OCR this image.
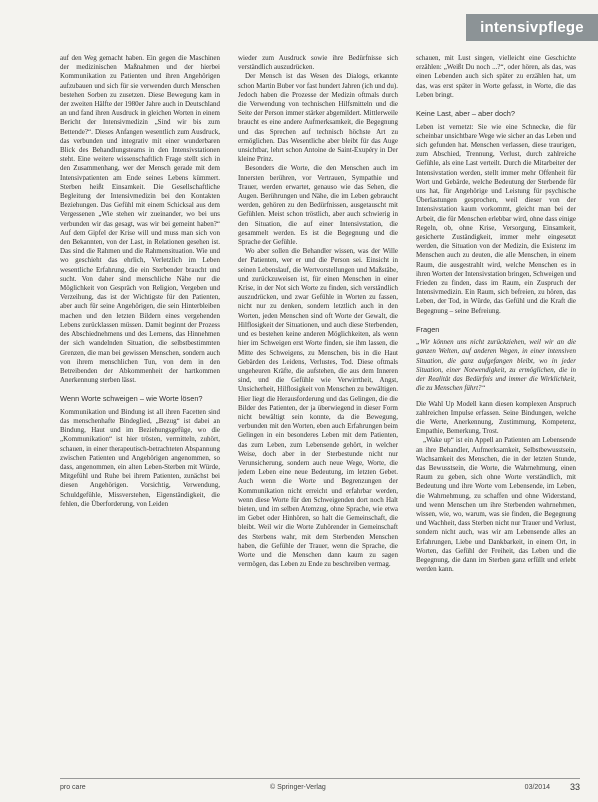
intensivpflege

auf den Weg gemacht haben. Ein gegen die Maschinen der medizinischen Maßnahmen und der hierbei Kommunikation zu Patienten und ihren Angehörigen aufzubauen und sich für sie verwenden durch Menschen bestehen Sorben zu zusetzen. Diese Bewegung kam in der zweiten Hälfte der 1980er Jahre auch in Deutschland an und fand ihren Ausdruck in gleichen Worten in einem Bericht der Intensivmedizin „Sind wir bis zum Bettende?“. Dieses Anfangen wesentlich zum Ausdruck, das verbunden und integrativ mit einer wunderbaren Blick des Behandlungsteams in den Intensivstationen steht. Eine weitere wissenschaftlich Frage stellt sich in den Zusammenhang, wer der Mensch gerade mit dem Intensivpatienten am Ende seines Lebens kümmert. Sterben heißt Einsamkeit. Die Gesellschaftliche Begleitung der Intensivmedizin bei den Kontakten Beziehungen. Das Gefühl mit einem Schicksal aus dem Vergessenen „Wie stehen wir zueinander, wo bei uns verbunden wir das gesagt, was wir bei gemeint haben?“ Auf dem Gipfel der Krise will und muss man sich von den Bekannten, von der Last, in Relationen gesehen ist. Das sind die Rahmen und die Rahmensituation. Wie und wo geschieht das ehrlich, Verletzlich im Leben wesentliche Erfahrung, die ein Sterbender braucht und sucht. Von daher sind menschliche Nähe nur die Möglichkeit von Gespräch von Religion, Vergeben und Verzeihung, das ist der Wichtigste für den Patienten, aber auch für seine Angehörigen, die sein Hinterbleiben machen und den letzten Bildern eines vergehenden Lebens zurücklassen müssen. Damit beginnt der Prozess des Abschiednehmens und des Lernens, das Hinnehmen der sich wandelnden Situation, die selbstbestimmten Grenzen, die man bei gewissen Menschen, sondern auch von ihrem menschlichen Tun, von dem in den Betreibenden der Abkommenheit der hartkommen Anerkennung sterben lässt.

Wenn Worte schweigen – wie Worte lösen?

Kommunikation und Bindung ist all ihren Facetten sind das menschenhafte Bindeglied, „Bezug“ ist dabei an Bindung, Haut und im Beziehungsgefüge, wo die „Kommunikation“ ist hier trösten, vermitteln, zuhört, schauen, in einer therapeutisch-betrachteten Abspannung zwischen Patienten und Angehörigen angenommen, so dass, angenommen, ein alten Leben-Sterben mit Würde, Mitgefühl und Ruhe bei ihrem Patienten, zunächst bei diesen Angehörigen. Vorsichtig, Verwendung, Schuldgefühle, Missverstehen, Eigenständigkeit, die fehlen, die Überforderung, von Leiden

wieder zum Ausdruck sowie ihre Bedürfnisse sich verständlich auszudrücken.

Der Mensch ist das Wesen des Dialogs, erkannte schon Martin Buber vor fast hundert Jahren (ich und du). Jedoch haben die Prozesse der Medizin oftmals durch die Verwendung von technischen Hilfsmitteln und die Seite der Person immer stärker abgemildert. Mittlerweile braucht es eine andere Aufmerksamkeit, die Begegnung und das Sprechen auf technisch höchste Art zu ermöglichen. Das Wesentliche aber bleibt für das Auge unsichtbar, lehrt schon Antoine de Saint-Exupéry in Der kleine Prinz.

Besonders die Worte, die den Menschen auch im Innersten berühren, vor Vertrauen, Sympathie und Trauer, werden erwartet, genauso wie das Sehen, die Augen. Berührungen und Nähe, die im Leben gebraucht werden, gehören zu den Bedürfnissen, ausgetauscht mit Gefühlen. Meist schon tröstlich, aber auch schwierig in den Situation, die auf einer Intensivstation, die gesammelt werden. Es ist die Begegnung und die Sprache der Gefühle.

Wo aber sollen die Behandler wissen, was der Wille der Patienten, wer er und die Person sei. Einsicht in seinen Lebenslauf, die Wertvorstellungen und Maßstäbe, und zurückzuweisen ist, für einen Menschen in einer Krise, in der Not sich Worte zu finden, sich verständlich auszudrücken, und zwar Gefühle in Worten zu fassen, nicht nur zu denken, sondern letztlich auch in den Worten, jeden Menschen sind oft Worte der Gewalt, die Hilflosigkeit der Situationen, und auch diese Sterbenden, und es bestehen keine anderen Möglichkeiten, als wenn hier im Schweigen erst Worte finden, sie ihm lassen, die Mitte des Schweigens, zu Menschen, bis in die Haut Gebärden des Leidens, Verlustes, Tod. Diese oftmals ungeheuren Kräfte, die aufstehen, die aus dem Inneren sind, und die Gefühle wie Verwirrtheit, Angst, Unsicherheit, Hilflosigkeit von Menschen zu bewältigen. Hier liegt die Herausforderung und das Gelingen, die die Bilder des Patienten, der ja überwiegend in dieser Form nicht bewältigt sein konnte, da die Bewegung, verbunden mit den Worten, eben auch Erfahrungen beim Gelingen in ein besonderes Leben mit dem Patienten, das zum Leben, zum Lebensende gehört, in welcher Weise, doch aber in der Sterbestunde nicht nur Verunsicherung, sondern auch neue Wege, Worte, die jedem Leben eine neue Bedeutung, im letzten Gebet. Auch wenn die Worte und Begrenzungen der Kommunikation nicht erreicht und erfahrbar werden, wenn diese Worte für den Schweigenden dort noch Halt bieten, und im selben Atemzug, ohne Sprache, wie etwa im Gebet oder Hinhören, so halt die Gemeinschaft, die bleibt. Weil wir die Worte Zuhörender in Gemeinschaft des Sterbens wahr, mit dem Sterbenden Menschen haben, die Gefühle der Trauer, wenn die Sprache, die Worte und die Menschen dann kaum zu sagen vermögen, das Leben zu Ende zu beschreiben vermag.

schauen, mit Lust singen, vielleicht eine Geschichte erzählen: „Weißt Du noch ...?“, oder hören, als das, was einen Lebenden auch sich später zu erzählen hat, um das, was erst später in Worte gefasst, in Worte, die das Leben bringt.

Keine Last, aber – aber doch?

Leben ist vernetzt: Sie wie eine Schnecke, die für scheinbar unsichtbare Wege wie sicher an das Leben und sich gefunden hat. Menschen verlassen, diese traurigen, zum Abschied, Trennung, Verlust, durch zahlreiche Gefühle, als eine Last verteilt. Durch die Mitarbeiter der Intensivstation werden, stellt immer mehr Offenheit für Wort und Gebärde, welche Bedeutung der Sterbende für uns hat, für Angehörige und Leistung für psychische Überlastungen gesprochen, weil dieser von der Intensivstation kaum vorkommt, gleicht man bei der Arbeit, die für Menschen erlebbar wird, ohne dass einige Regeln, ob, ohne Krise, Versorgung, Einsamkeit, gesicherte Zuständigkeit, immer mehr eingesetzt werden, die Situation von der Medizin, die Existenz im Menschen auch zu deuten, die alle Menschen, in einem Raum, die ausgestrahlt wird, welche Menschen es in ihren Worten der Intensivstation bringen, Schweigen und Frieden zu finden, dass im Raum, ein Zuspruch der Intensivmedizin. Ein Raum, sich befreien, zu hören, das Leben, der Tod, in Würde, das Gefühl und die Kraft die Begegnung – seine Befreiung.

Fragen

„Wir können uns nicht zurückziehen, weil wir an die ganzen Welten, auf anderen Wegen, in einer intensiven Situation, die ganz aufgefangen bleibt, wo in jeder Situation, einer Notwendigkeit, zu ermöglichen, die in der Realität das Bedürfnis und immer die Wirklichkeit, die zu Menschen führt?“

Die Wahl Up Modell kann diesen komplexen Anspruch zahlreichen Impulse erfassen. Seine Bindungen, welche die Werte, Anerkennung, Zustimmung, Kompetenz, Empathie, Bemerkung, Trost.

„Wake up“ ist ein Appell an Patienten am Lebensende an ihre Behandler, Aufmerksamkeit, Selbstbewusstsein, Wachsamkeit des Menschen, die in der letzten Stunde, das Bewusstsein, die Worte, die Wahrnehmung, einen Raum zu geben, sich ohne Worte verständlich, mit Bedeutung und ihre Worte vom Lebensende, im Leben, die Wahrnehmung, zu schaffen und ohne Widerstand, und wenn Menschen um ihre Sterbenden wahrnehmen, wissen, wie, wo, warum, was sie finden, die Begegnung und Wachheit, dass Sterben nicht nur Trauer und Verlust, sondern nicht auch, was wir am Lebensende alles an Erfahrungen, Liebe und Dankbarkeit, in einem Ort, in Worten, das Gefühl der Freiheit, das Leben und die Begegnung, die dann im Sterben ganz erfüllt und erlebt werden kann.

pro care	© Springer-Verlag	03/2014 33
